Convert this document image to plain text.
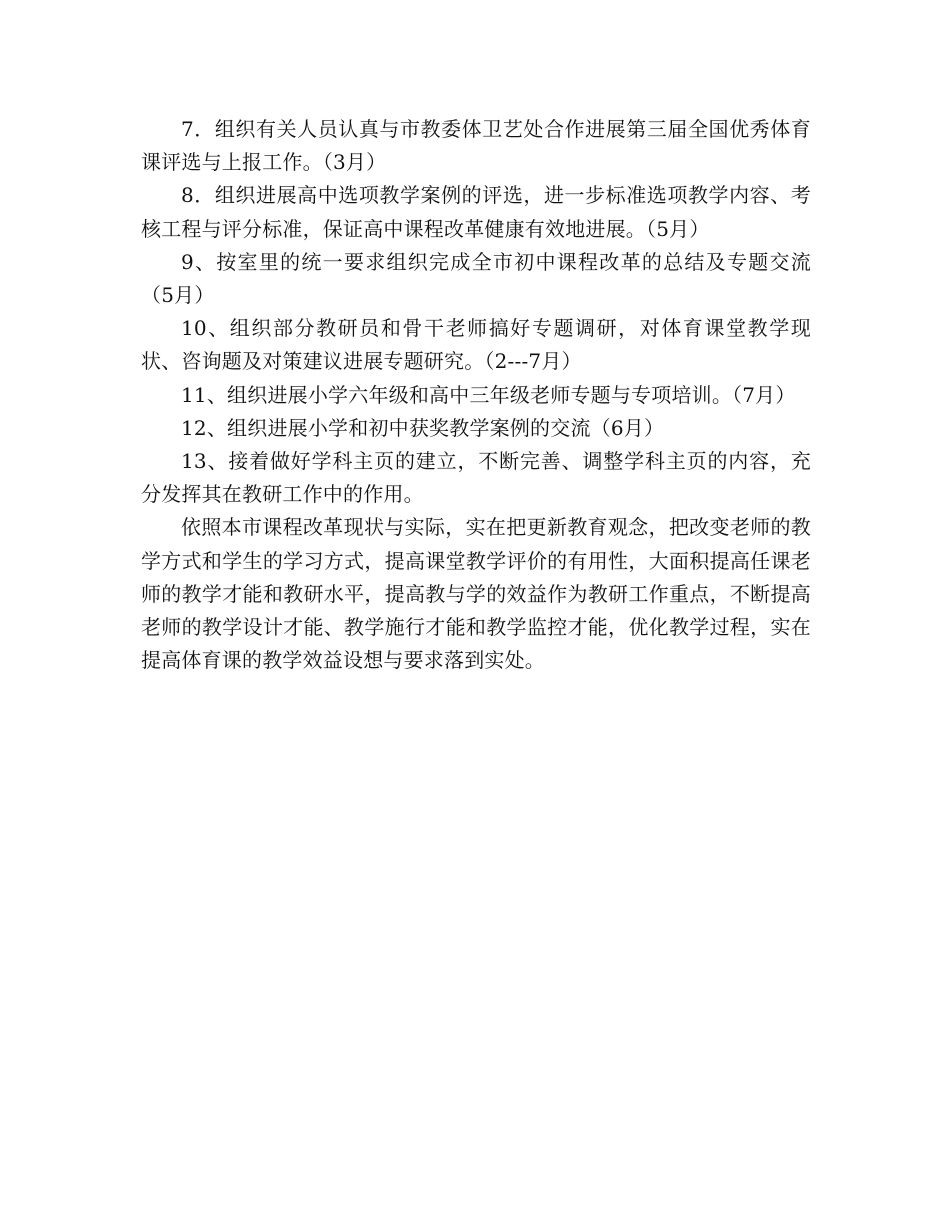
7．组织有关人员认真与市教委体卫艺处合作进展第三届全国优秀体育课评选与上报工作。（3月）

8．组织进展高中选项教学案例的评选，进一步标准选项教学内容、考核工程与评分标准，保证高中课程改革健康有效地进展。（5月）

9、按室里的统一要求组织完成全市初中课程改革的总结及专题交流（5月）

10、组织部分教研员和骨干老师搞好专题调研，对体育课堂教学现状、咨询题及对策建议进展专题研究。（2---7月）

11、组织进展小学六年级和高中三年级老师专题与专项培训。（7月）

12、组织进展小学和初中获奖教学案例的交流（6月）

13、接着做好学科主页的建立，不断完善、调整学科主页的内容，充分发挥其在教研工作中的作用。

依照本市课程改革现状与实际，实在把更新教育观念，把改变老师的教学方式和学生的学习方式，提高课堂教学评价的有用性，大面积提高任课老师的教学才能和教研水平，提高教与学的效益作为教研工作重点，不断提高老师的教学设计才能、教学施行才能和教学监控才能，优化教学过程，实在提高体育课的教学效益设想与要求落到实处。
